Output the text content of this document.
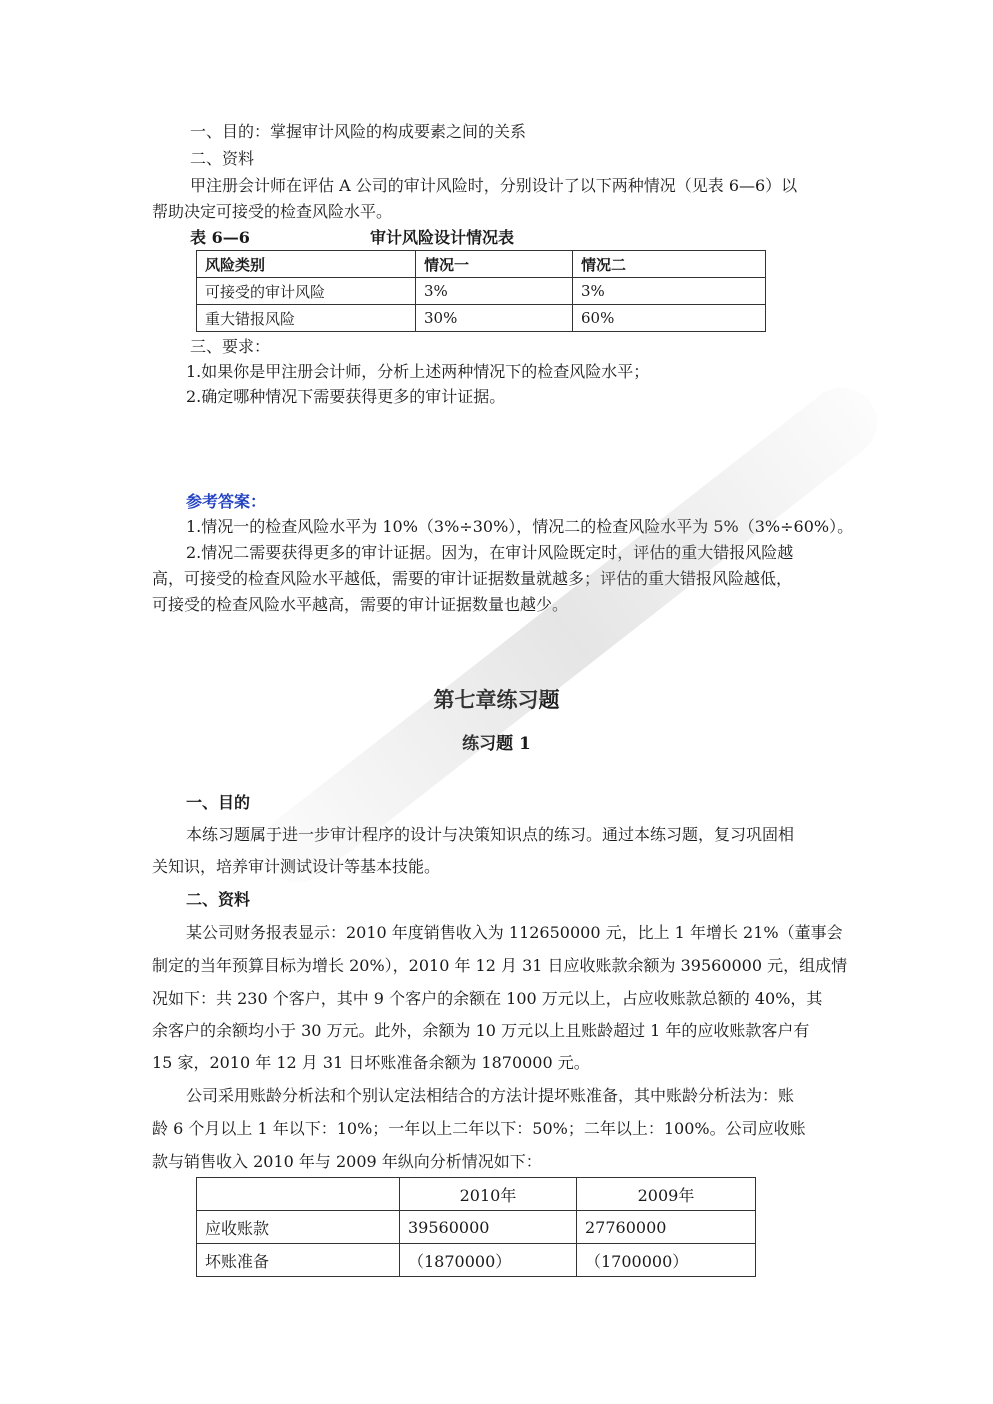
一、目的：掌握审计风险的构成要素之间的关系
二、资料
甲注册会计师在评估 A 公司的审计风险时，分别设计了以下两种情况（见表 6—6）以
帮助决定可接受的检查风险水平。
表 6—6	审计风险设计情况表
风险类别	情况一	情况二
可接受的审计风险	3%	3%
重大错报风险	30%	60%
三、要求：
1.如果你是甲注册会计师，分析上述两种情况下的检查风险水平；
2.确定哪种情况下需要获得更多的审计证据。
参考答案：
1.情况一的检查风险水平为 10%（3%÷30%），情况二的检查风险水平为 5%（3%÷60%）。
2.情况二需要获得更多的审计证据。因为，在审计风险既定时，评估的重大错报风险越
高，可接受的检查风险水平越低，需要的审计证据数量就越多；评估的重大错报风险越低，
可接受的检查风险水平越高，需要的审计证据数量也越少。
第七章练习题
练习题 1
一、目的
本练习题属于进一步审计程序的设计与决策知识点的练习。通过本练习题，复习巩固相
关知识，培养审计测试设计等基本技能。
二、资料
某公司财务报表显示：2010 年度销售收入为 112650000 元，比上 1 年增长 21%（董事会
制定的当年预算目标为增长 20%），2010 年 12 月 31 日应收账款余额为 39560000 元，组成情
况如下：共 230 个客户，其中 9 个客户的余额在 100 万元以上，占应收账款总额的 40%，其
余客户的余额均小于 30 万元。此外，余额为 10 万元以上且账龄超过 1 年的应收账款客户有
15 家，2010 年 12 月 31 日坏账准备余额为 1870000 元。
公司采用账龄分析法和个别认定法相结合的方法计提坏账准备，其中账龄分析法为：账
龄 6 个月以上 1 年以下：10%；一年以上二年以下：50%；二年以上：100%。公司应收账
款与销售收入 2010 年与 2009 年纵向分析情况如下：
	2010年	2009年
应收账款	39560000	27760000
坏账准备	（1870000）	（1700000）
